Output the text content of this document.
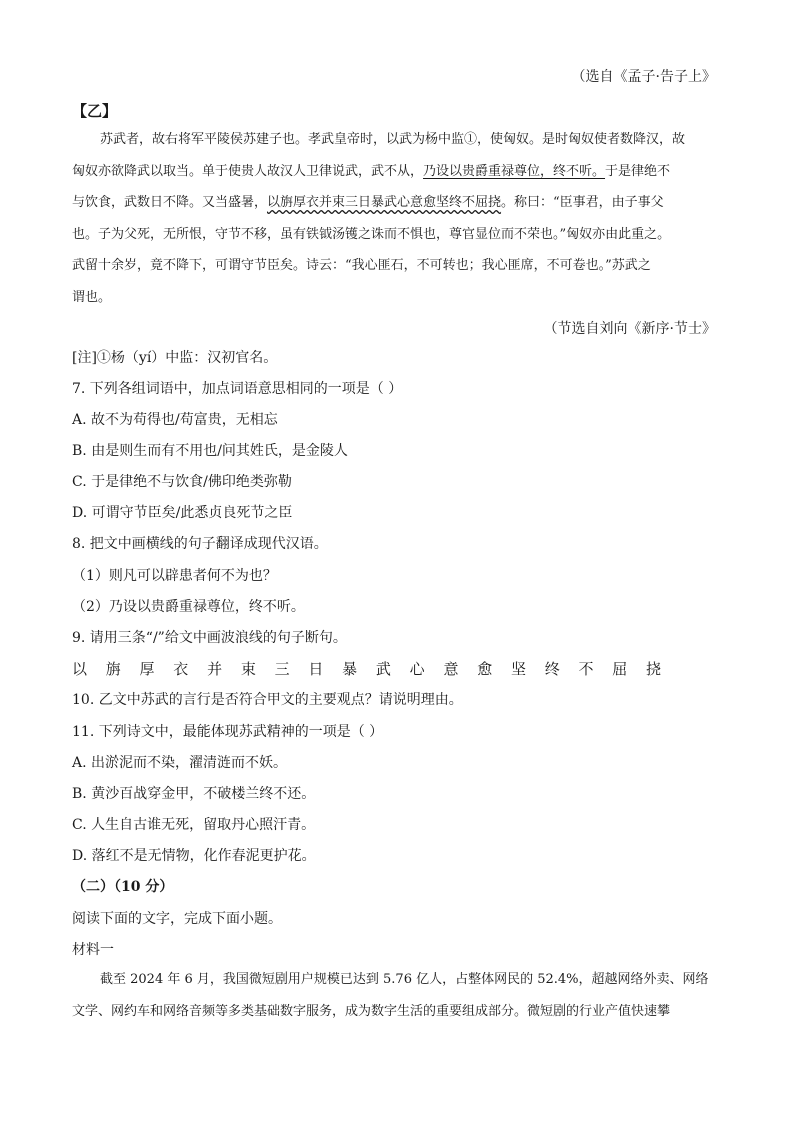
（选自《孟子·告子上》
【乙】
苏武者，故右将军平陵侯苏建子也。孝武皇帝时，以武为杨中监①，使匈奴。是时匈奴使者数降汉，故
匈奴亦欲降武以取当。单于使贵人故汉人卫律说武，武不从，乃设以贵爵重禄尊位，终不听。于是律绝不
与饮食，武数日不降。又当盛暑，以旃厚衣并束三日暴武心意愈坚终不屈挠。称曰：“臣事君，由子事父
也。子为父死，无所恨，守节不移，虽有铁钺汤镬之诛而不惧也，尊官显位而不荣也。”匈奴亦由此重之。
武留十余岁，竟不降下，可谓守节臣矣。诗云：“我心匪石，不可转也；我心匪席，不可卷也。”苏武之
谓也。
（节选自刘向《新序·节士》
[注]①杨（yí）中监：汉初官名。
7. 下列各组词语中，加点词语意思相同的一项是（ ）
A. 故不为苟得也/苟富贵，无相忘
B. 由是则生而有不用也/问其姓氏，是金陵人
C. 于是律绝不与饮食/佛印绝类弥勒
D. 可谓守节臣矣/此悉贞良死节之臣
8. 把文中画横线的句子翻译成现代汉语。
（1）则凡可以辟患者何不为也？
（2）乃设以贵爵重禄尊位，终不听。
9. 请用三条“/”给文中画波浪线的句子断句。
以 旃 厚 衣 并 束 三 日 暴 武 心 意 愈 坚 终 不 屈 挠
10. 乙文中苏武的言行是否符合甲文的主要观点？请说明理由。
11. 下列诗文中，最能体现苏武精神的一项是（ ）
A. 出淤泥而不染，濯清涟而不妖。
B. 黄沙百战穿金甲，不破楼兰终不还。
C. 人生自古谁无死，留取丹心照汗青。
D. 落红不是无情物，化作春泥更护花。
（二）（10 分）
阅读下面的文字，完成下面小题。
材料一
截至 2024 年 6 月，我国微短剧用户规模已达到 5.76 亿人，占整体网民的 52.4%，超越网络外卖、网络
文学、网约车和网络音频等多类基础数字服务，成为数字生活的重要组成部分。微短剧的行业产值快速攀
